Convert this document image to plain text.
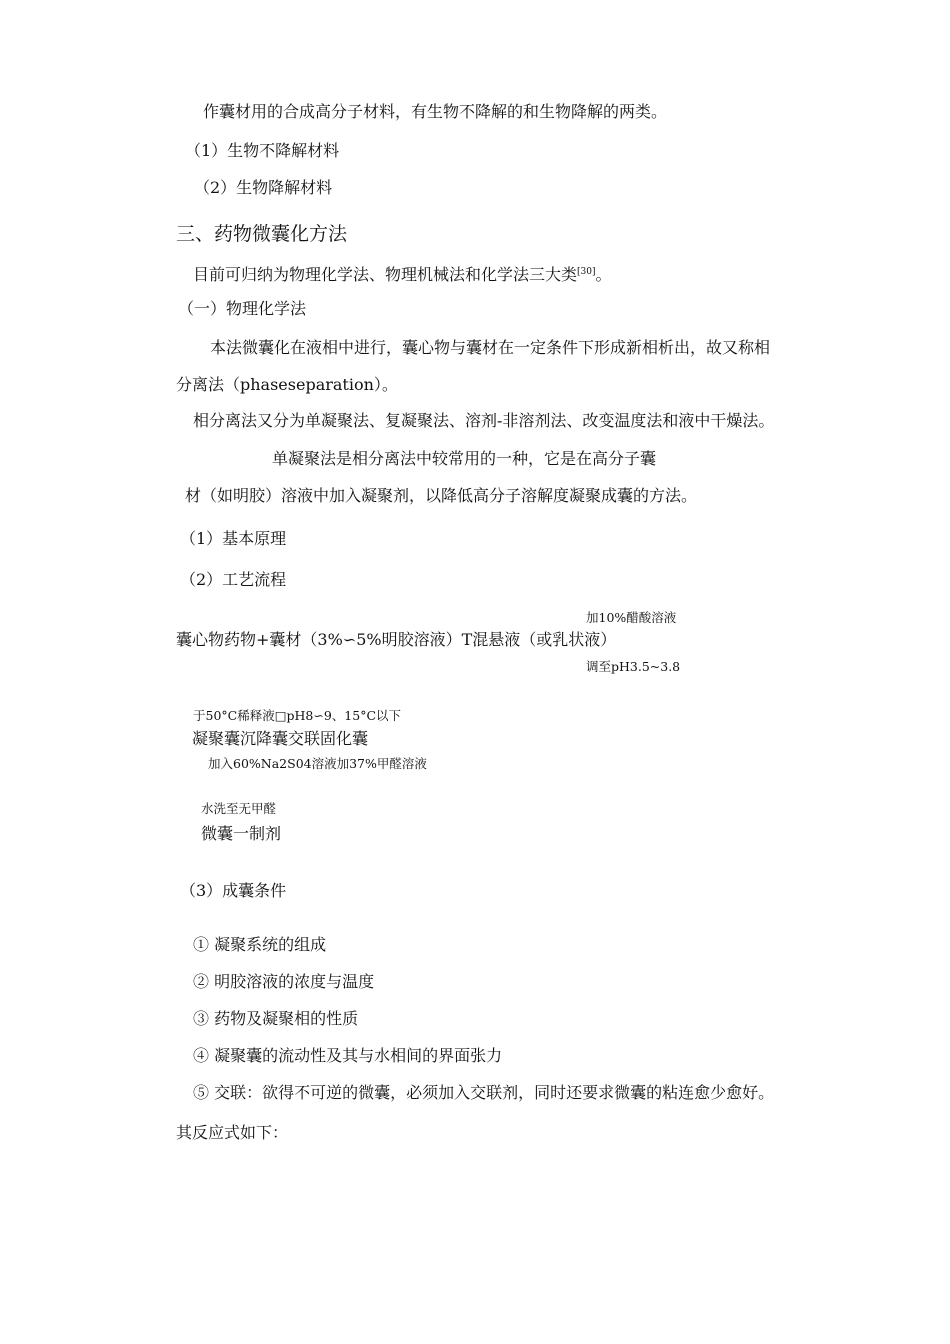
作囊材用的合成高分子材料，有生物不降解的和生物降解的两类。
（1）生物不降解材料
（2）生物降解材料
三、药物微囊化方法
目前可归纳为物理化学法、物理机械法和化学法三大类[30]。
（一）物理化学法
本法微囊化在液相中进行，囊心物与囊材在一定条件下形成新相析出，故又称相
分离法（phaseseparation）。
相分离法又分为单凝聚法、复凝聚法、溶剂-非溶剂法、改变温度法和液中干燥法。
单凝聚法是相分离法中较常用的一种，它是在高分子囊
材（如明胶）溶液中加入凝聚剂，以降低高分子溶解度凝聚成囊的方法。
（1）基本原理
（2）工艺流程
加10%醋酸溶液
囊心物药物+囊材（3%∽5%明胶溶液）T混悬液（或乳状液）
调至pH3.5~3.8
于50°C稀释液□pH8∽9、15°C以下
凝聚囊沉降囊交联固化囊
加入60%Na2S04溶液加37%甲醛溶液
水洗至无甲醛
微囊一制剂
（3）成囊条件
① 凝聚系统的组成
② 明胶溶液的浓度与温度
③ 药物及凝聚相的性质
④ 凝聚囊的流动性及其与水相间的界面张力
⑤ 交联：欲得不可逆的微囊，必须加入交联剂，同时还要求微囊的粘连愈少愈好。
其反应式如下：
